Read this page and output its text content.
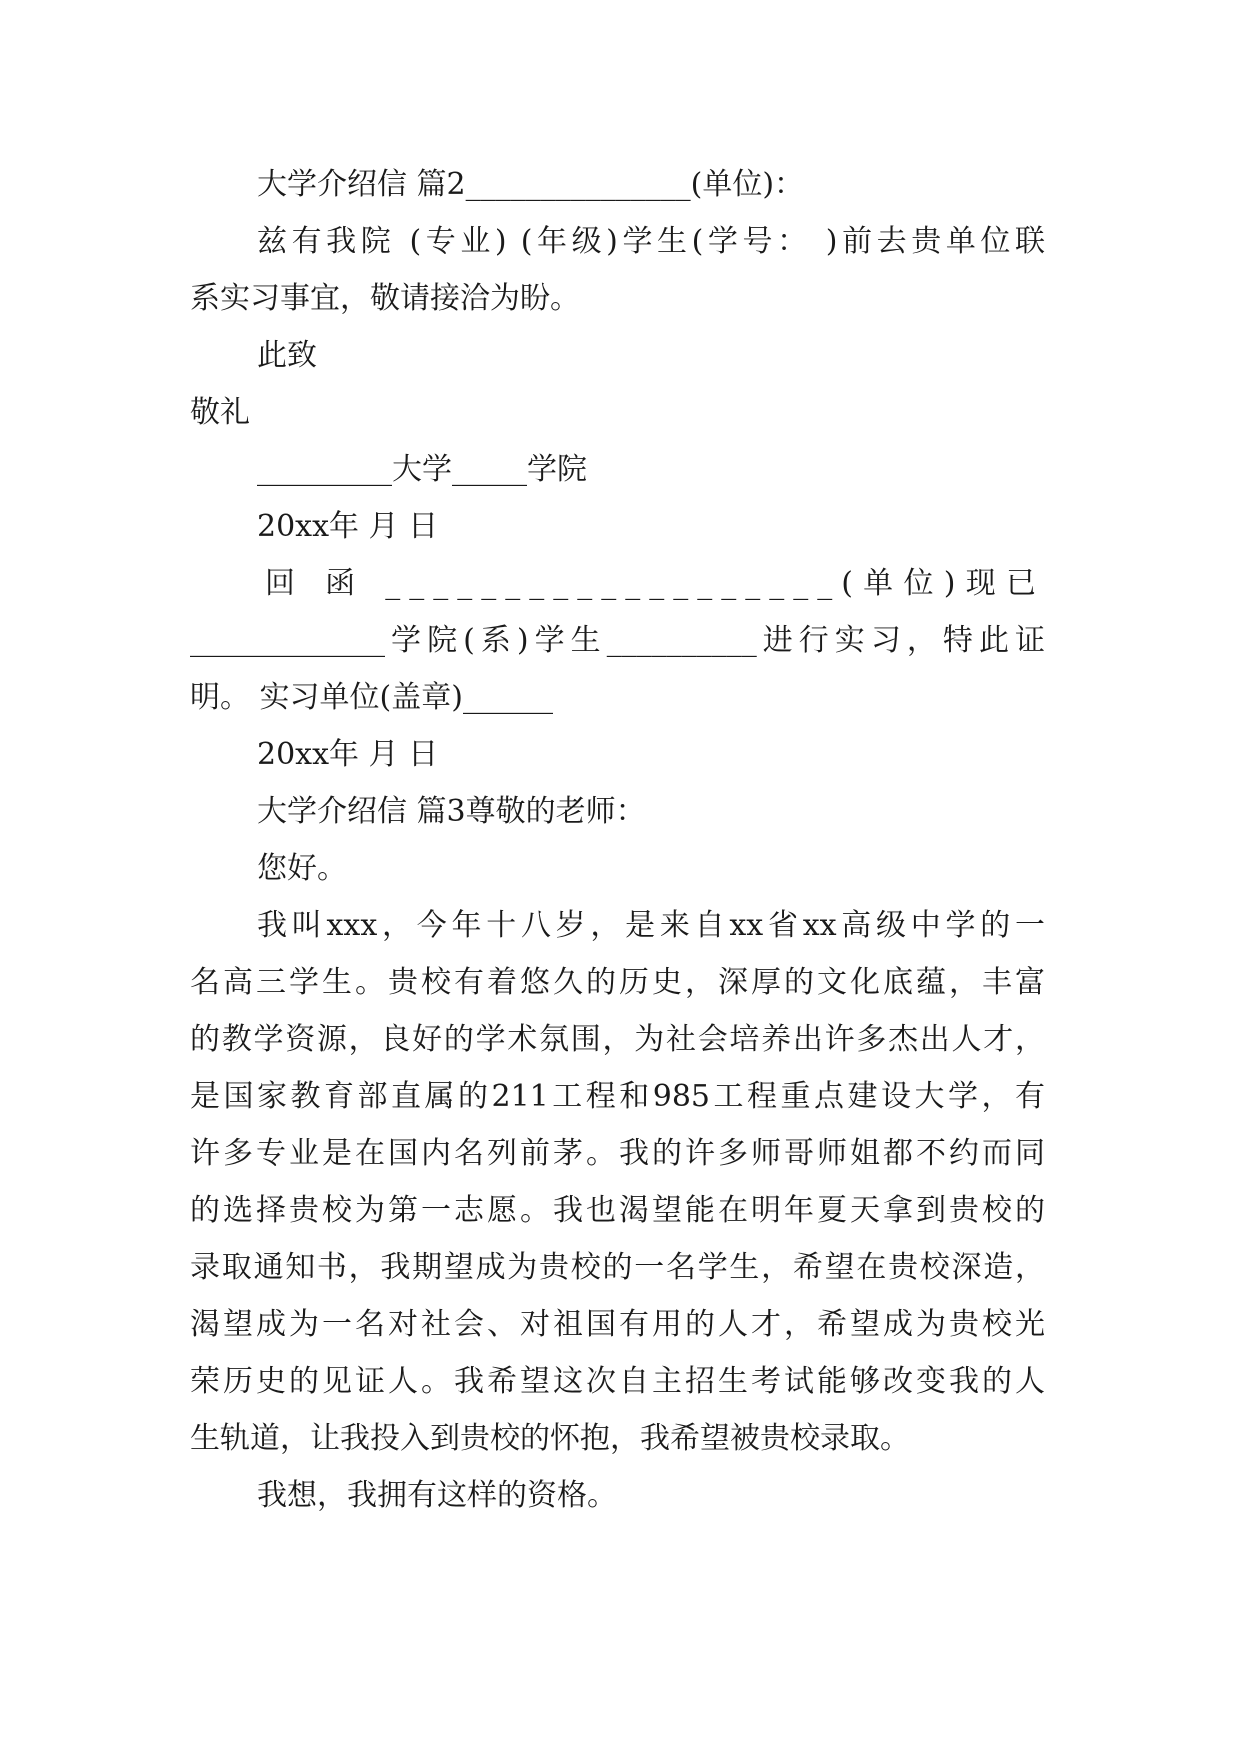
大学介绍信 篇2_______________(单位)：
兹有我院 (专业) (年级)学生(学号： )前去贵单位联
系实习事宜，敬请接洽为盼。
此致
敬礼
_________大学_____学院
20xx年 月 日
回 函 ___________________(单位)现已
_____________学院(系)学生__________进行实习，特此证
明。 实习单位(盖章)______
20xx年 月 日
大学介绍信 篇3尊敬的老师：
您好。
我叫xxx，今年十八岁，是来自xx省xx高级中学的一
名高三学生。贵校有着悠久的历史，深厚的文化底蕴，丰富
的教学资源，良好的学术氛围，为社会培养出许多杰出人才，
是国家教育部直属的211工程和985工程重点建设大学，有
许多专业是在国内名列前茅。我的许多师哥师姐都不约而同
的选择贵校为第一志愿。我也渴望能在明年夏天拿到贵校的
录取通知书，我期望成为贵校的一名学生，希望在贵校深造，
渴望成为一名对社会、对祖国有用的人才，希望成为贵校光
荣历史的见证人。我希望这次自主招生考试能够改变我的人
生轨道，让我投入到贵校的怀抱，我希望被贵校录取。
我想，我拥有这样的资格。
